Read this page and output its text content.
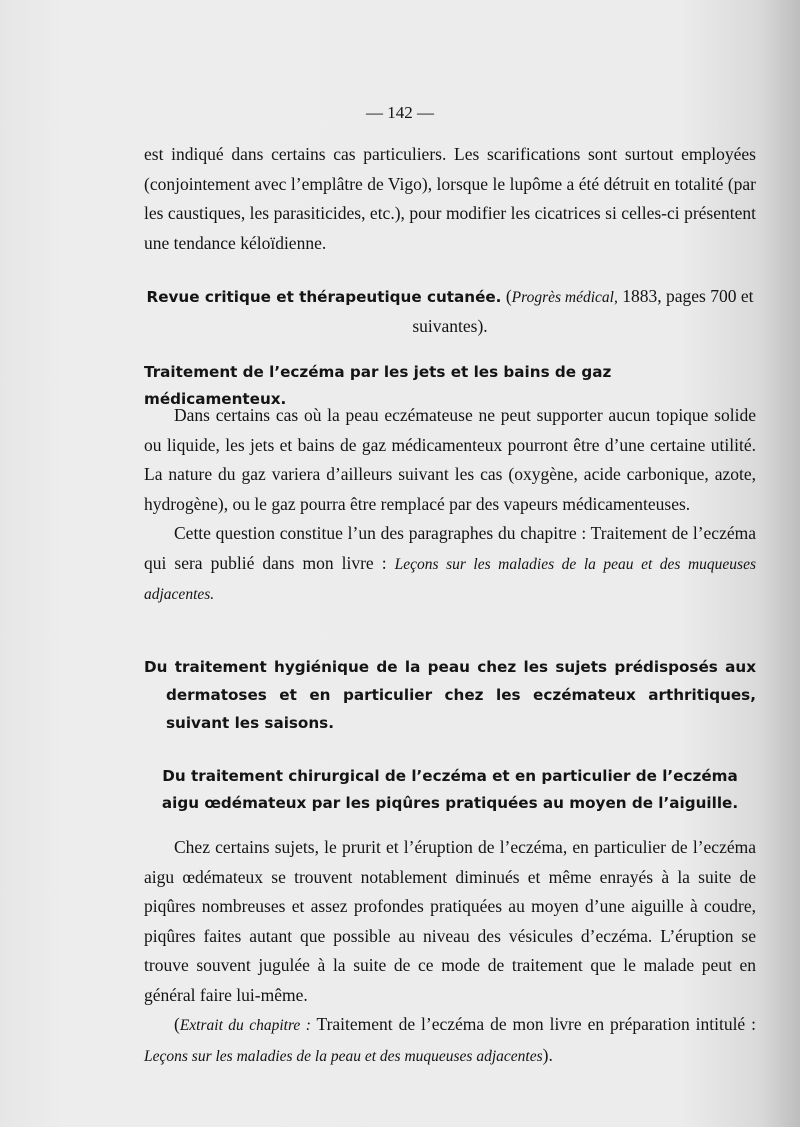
— 142 —

est indiqué dans certains cas particuliers. Les scarifications sont surtout employées (conjointement avec l’emplâtre de Vigo), lorsque le lupôme a été détruit en totalité (par les caustiques, les parasiticides, etc.), pour modifier les cicatrices si celles-ci présentent une tendance kéloïdienne.

Revue critique et thérapeutique cutanée. (Progrès médical, 1883, pages 700 et suivantes).

Traitement de l’eczéma par les jets et les bains de gaz médicamenteux.

Dans certains cas où la peau eczémateuse ne peut supporter aucun topique solide ou liquide, les jets et bains de gaz médicamenteux pourront être d’une certaine utilité. La nature du gaz variera d’ailleurs suivant les cas (oxygène, acide carbonique, azote, hydrogène), ou le gaz pourra être remplacé par des vapeurs médicamenteuses.

Cette question constitue l’un des paragraphes du chapitre : Traitement de l’eczéma qui sera publié dans mon livre : Leçons sur les maladies de la peau et des muqueuses adjacentes.

Du traitement hygiénique de la peau chez les sujets prédisposés aux dermatoses et en particulier chez les eczémateux arthritiques, suivant les saisons.

Du traitement chirurgical de l’eczéma et en particulier de l’eczéma aigu œdémateux par les piqûres pratiquées au moyen de l’aiguille.

Chez certains sujets, le prurit et l’éruption de l’eczéma, en particulier de l’eczéma aigu œdémateux se trouvent notablement diminués et même enrayés à la suite de piqûres nombreuses et assez profondes pratiquées au moyen d’une aiguille à coudre, piqûres faites autant que possible au niveau des vésicules d’eczéma. L’éruption se trouve souvent jugulée à la suite de ce mode de traitement que le malade peut en général faire lui-même.

(Extrait du chapitre : Traitement de l’eczéma de mon livre en préparation intitulé : Leçons sur les maladies de la peau et des muqueuses adjacentes).
